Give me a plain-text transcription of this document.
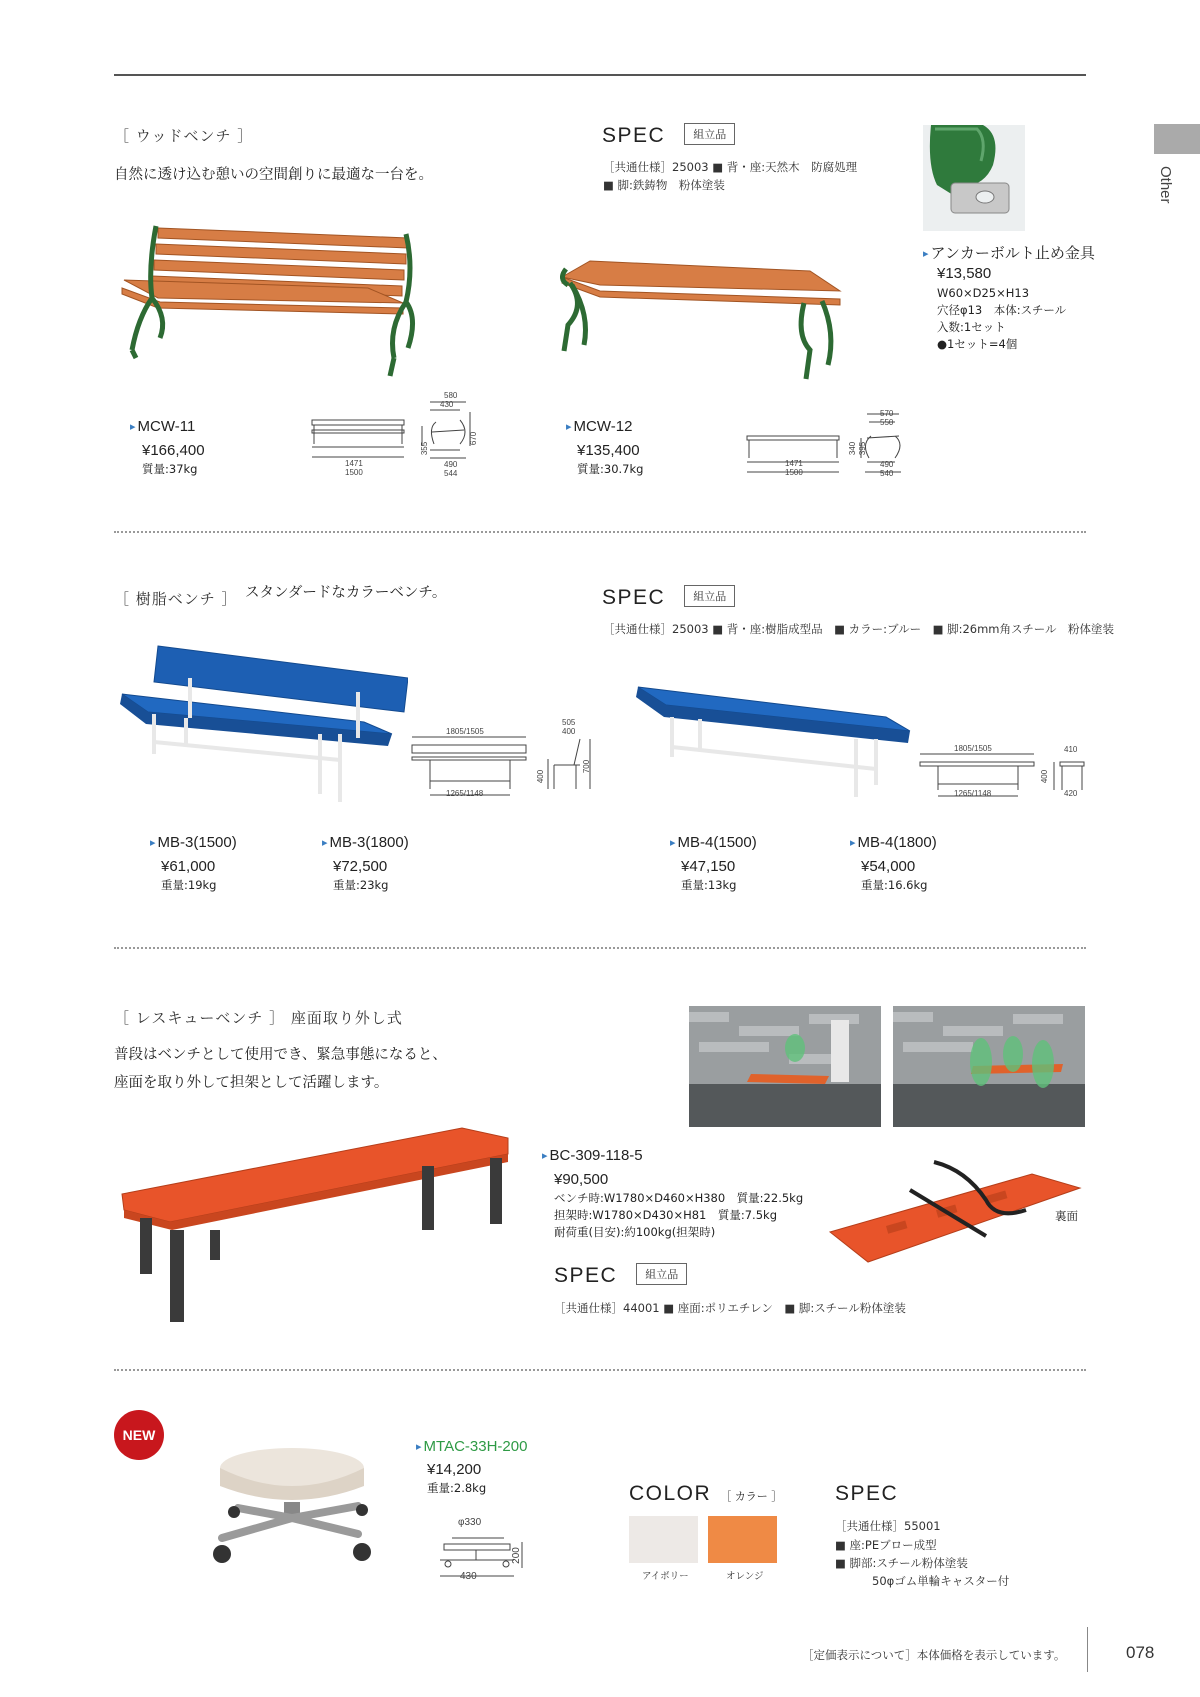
Other
［ ウッドベンチ ］
自然に透け込む憩いの空間創りに最適な一台を。
SPEC	組立品
［共通仕様］25003 ■ 背・座:天然木　防腐処理
■ 脚:鉄鋳物　粉体塗装
▸ アンカーボルト止め金具
¥13,580
W60×D25×H13
穴径φ13　本体:スチール
入数:1セット
●1セット=4個
▸ MCW-11
¥166,400
質量:37kg	1471
1500
580
430
355
670
490
544
▸ MCW-12
¥135,400
質量:30.7kg	1471
1500
570
550
340 395
490
540
［ 樹脂ベンチ ］ スタンダードなカラーベンチ。	SPEC	組立品
［共通仕様］25003 ■ 背・座:樹脂成型品　■ カラー:ブルー　■ 脚:26mm角スチール　粉体塗装
1805/1505
1265/1148
400
505
400
700
1805/1505
1265/1148
400
410
420
▸ MB-3(1500)
¥61,000
重量:19kg
▸ MB-3(1800)
¥72,500
重量:23kg
▸ MB-4(1500)
¥47,150
重量:13kg
▸ MB-4(1800)
¥54,000
重量:16.6kg
［ レスキューベンチ ］ 座面取り外し式
普段はベンチとして使用でき、緊急事態になると、
座面を取り外して担架として活躍します。
▸ BC-309-118-5
¥90,500
ベンチ時:W1780×D460×H380　質量:22.5kg
担架時:W1780×D430×H81　質量:7.5kg
耐荷重(目安):約100kg(担架時)
裏面
SPEC	組立品
［共通仕様］44001 ■ 座面:ポリエチレン　■ 脚:スチール粉体塗装
NEW
▸ MTAC-33H-200
¥14,200
重量:2.8kg
φ330
200
430
COLOR ［ カラー ］
アイボリー	オレンジ
SPEC
［共通仕様］55001
■ 座:PEブロー成型
■ 脚部:スチール粉体塗装
50φゴム単輪キャスター付
［定価表示について］本体価格を表示しています。	078
